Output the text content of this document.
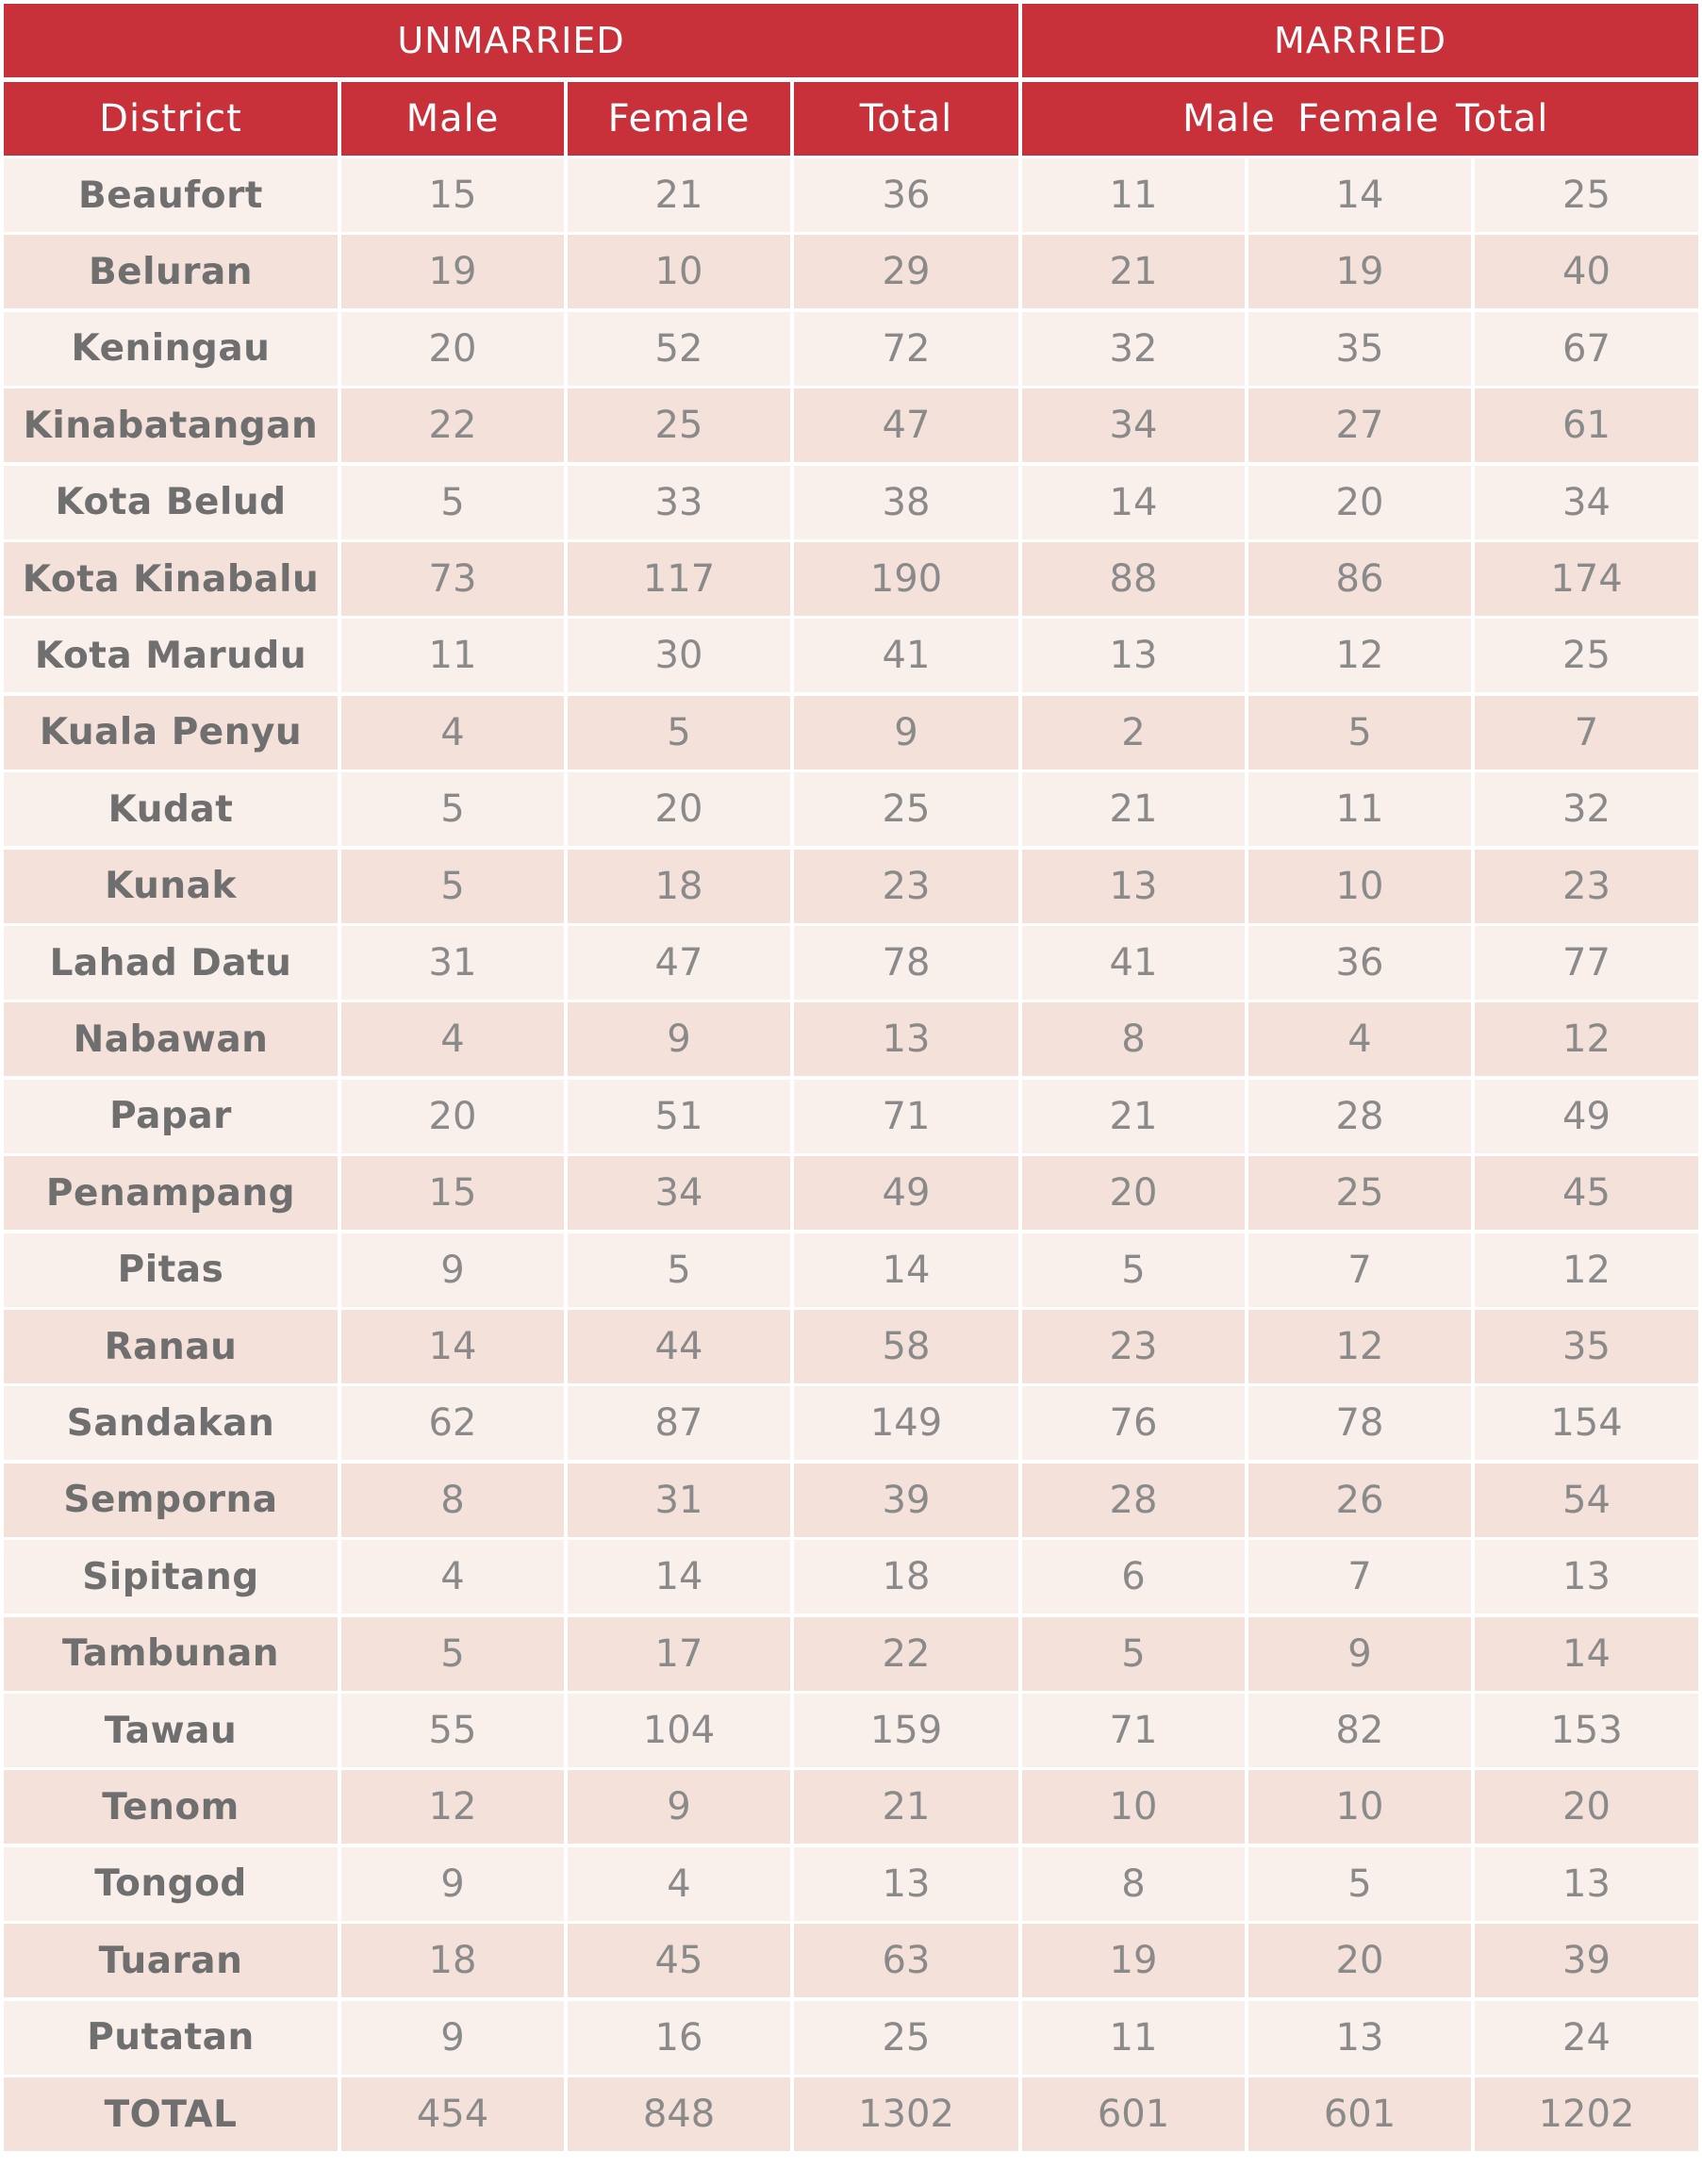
UNMARRIED	MARRIED
District	Male	Female	Total	Male Female Total
Beaufort	15	21	36	11	14	25
Beluran	19	10	29	21	19	40
Keningau	20	52	72	32	35	67
Kinabatangan	22	25	47	34	27	61
Kota Belud	5	33	38	14	20	34
Kota Kinabalu	73	117	190	88	86	174
Kota Marudu	11	30	41	13	12	25
Kuala Penyu	4	5	9	2	5	7
Kudat	5	20	25	21	11	32
Kunak	5	18	23	13	10	23
Lahad Datu	31	47	78	41	36	77
Nabawan	4	9	13	8	4	12
Papar	20	51	71	21	28	49
Penampang	15	34	49	20	25	45
Pitas	9	5	14	5	7	12
Ranau	14	44	58	23	12	35
Sandakan	62	87	149	76	78	154
Semporna	8	31	39	28	26	54
Sipitang	4	14	18	6	7	13
Tambunan	5	17	22	5	9	14
Tawau	55	104	159	71	82	153
Tenom	12	9	21	10	10	20
Tongod	9	4	13	8	5	13
Tuaran	18	45	63	19	20	39
Putatan	9	16	25	11	13	24
TOTAL	454	848	1302	601	601	1202
